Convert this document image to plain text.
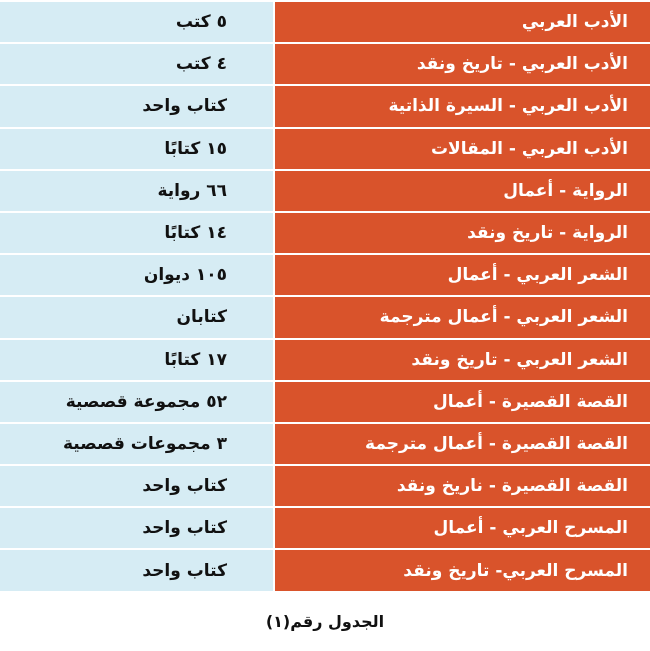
الأدب العربي
٥ كتب
الأدب العربي - تاريخ ونقد
٤ كتب
الأدب العربي - السيرة الذاتية
كتاب واحد
الأدب العربي - المقالات
١٥ كتابًا
الرواية - أعمال
٦٦ رواية
الرواية - تاريخ ونقد
١٤ كتابًا
الشعر العربي - أعمال
١٠٥ ديوان
الشعر العربي - أعمال مترجمة
كتابان
الشعر العربي - تاريخ ونقد
١٧ كتابًا
القصة القصيرة - أعمال
٥٢ مجموعة قصصية
القصة القصيرة - أعمال مترجمة
٣ مجموعات قصصية
القصة القصيرة - ناريخ ونقد
كتاب واحد
المسرح العربي - أعمال
كتاب واحد
المسرح العربي- تاريخ ونقد
كتاب واحد
الجدول رقم(١)
